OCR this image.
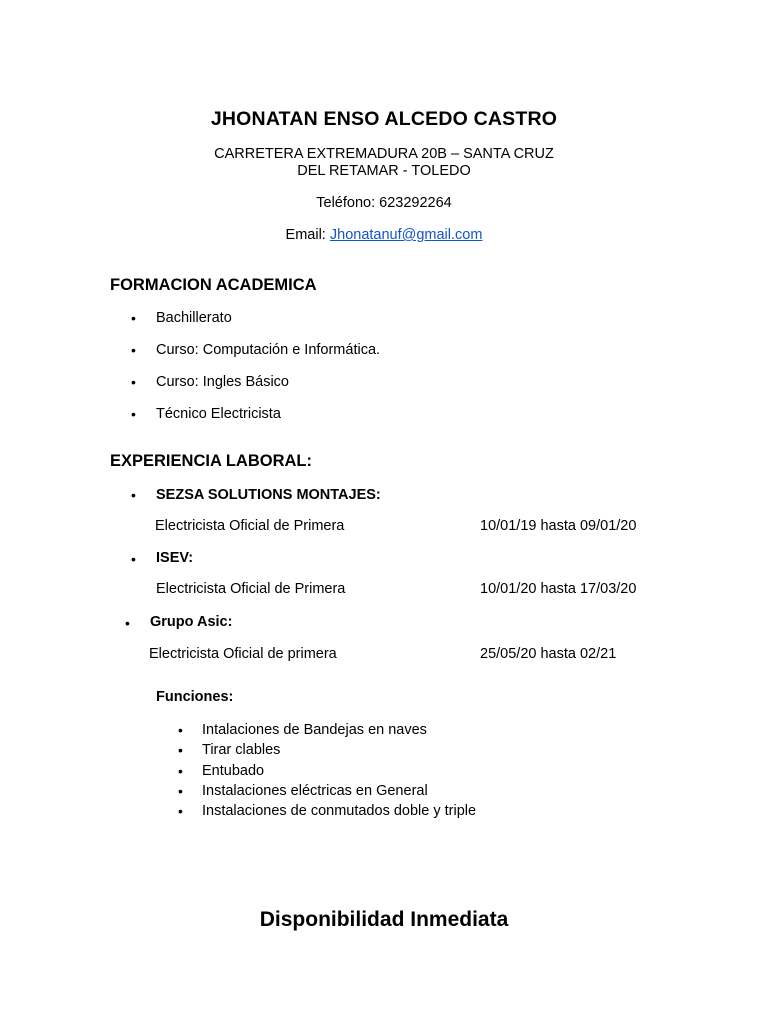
JHONATAN ENSO ALCEDO CASTRO
CARRETERA EXTREMADURA 20B – SANTA CRUZ
DEL RETAMAR - TOLEDO
Teléfono: 623292264
Email: Jhonatanuf@gmail.com
FORMACION ACADEMICA
• Bachillerato
• Curso: Computación e Informática.
• Curso: Ingles Básico
• Técnico Electricista
EXPERIENCIA LABORAL:
• SEZSA SOLUTIONS MONTAJES:
Electricista Oficial de Primera	10/01/19 hasta 09/01/20
• ISEV:
Electricista Oficial de Primera	10/01/20 hasta 17/03/20
• Grupo Asic:
Electricista Oficial de primera	25/05/20 hasta 02/21
Funciones:
• Intalaciones de Bandejas en naves
• Tirar clables
• Entubado
• Instalaciones eléctricas en General
• Instalaciones de conmutados doble y triple
Disponibilidad Inmediata
